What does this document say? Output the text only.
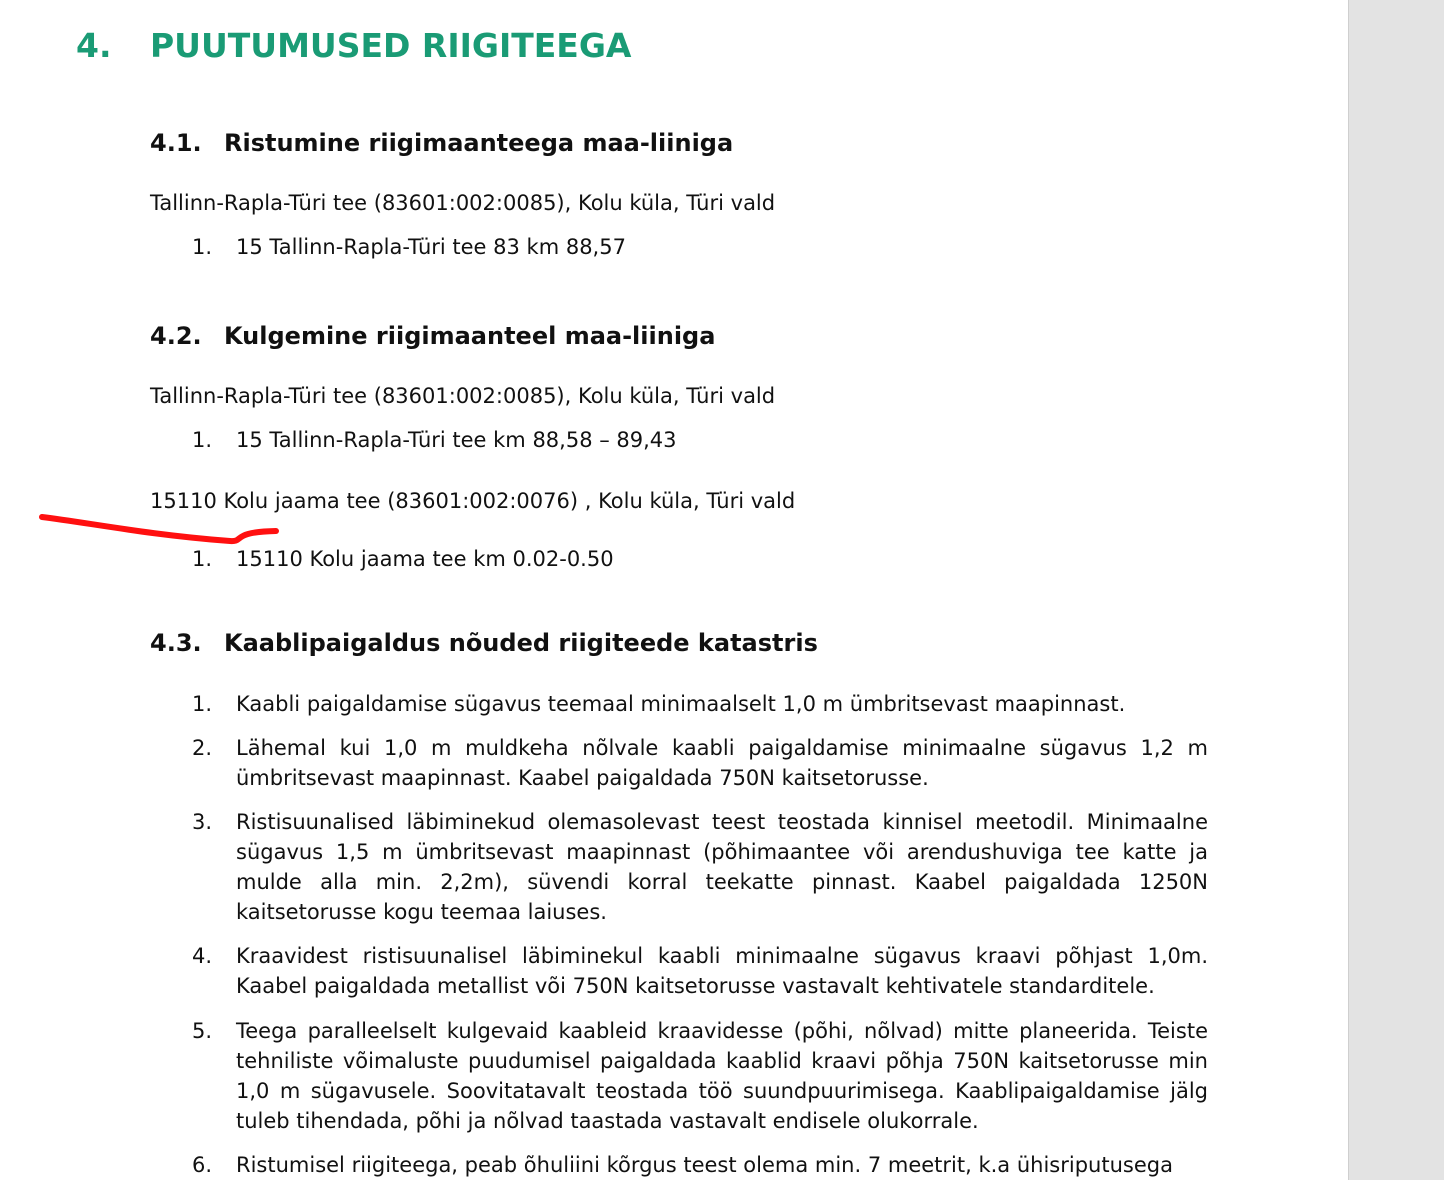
4. PUUTUMUSED RIIGITEEGA
4.1. Ristumine riigimaanteega maa-liiniga
Tallinn-Rapla-Türi tee (83601:002:0085), Kolu küla, Türi vald
1.	15 Tallinn-Rapla-Türi tee 83 km 88,57
4.2. Kulgemine riigimaanteel maa-liiniga
Tallinn-Rapla-Türi tee (83601:002:0085), Kolu küla, Türi vald
1.	15 Tallinn-Rapla-Türi tee km 88,58 – 89,43
15110 Kolu jaama tee (83601:002:0076) , Kolu küla, Türi vald
1.	15110 Kolu jaama tee km 0.02-0.50
4.3. Kaablipaigaldus nõuded riigiteede katastris
1.	Kaabli paigaldamise sügavus teemaal minimaalselt 1,0 m ümbritsevast maapinnast.
2.	Lähemal kui 1,0 m muldkeha nõlvale kaabli paigaldamise minimaalne sügavus 1,2 m ümbritsevast maapinnast. Kaabel paigaldada 750N kaitsetorusse.
3.	Ristisuunalised läbiminekud olemasolevast teest teostada kinnisel meetodil. Minimaalne sügavus 1,5 m ümbritsevast maapinnast (põhimaantee või arendushuviga tee katte ja mulde alla min. 2,2m), süvendi korral teekatte pinnast. Kaabel paigaldada 1250N kaitsetorusse kogu teemaa laiuses.
4.	Kraavidest ristisuunalisel läbiminekul kaabli minimaalne sügavus kraavi põhjast 1,0m. Kaabel paigaldada metallist või 750N kaitsetorusse vastavalt kehtivatele standarditele.
5.	Teega paralleelselt kulgevaid kaableid kraavidesse (põhi, nõlvad) mitte planeerida. Teiste tehniliste võimaluste puudumisel paigaldada kaablid kraavi põhja 750N kaitsetorusse min 1,0 m sügavusele. Soovitatavalt teostada töö suundpuurimisega. Kaablipaigaldamise jälg tuleb tihendada, põhi ja nõlvad taastada vastavalt endisele olukorrale.
6.	Ristumisel riigiteega, peab õhuliini kõrgus teest olema min. 7 meetrit, k.a ühisriputusega
